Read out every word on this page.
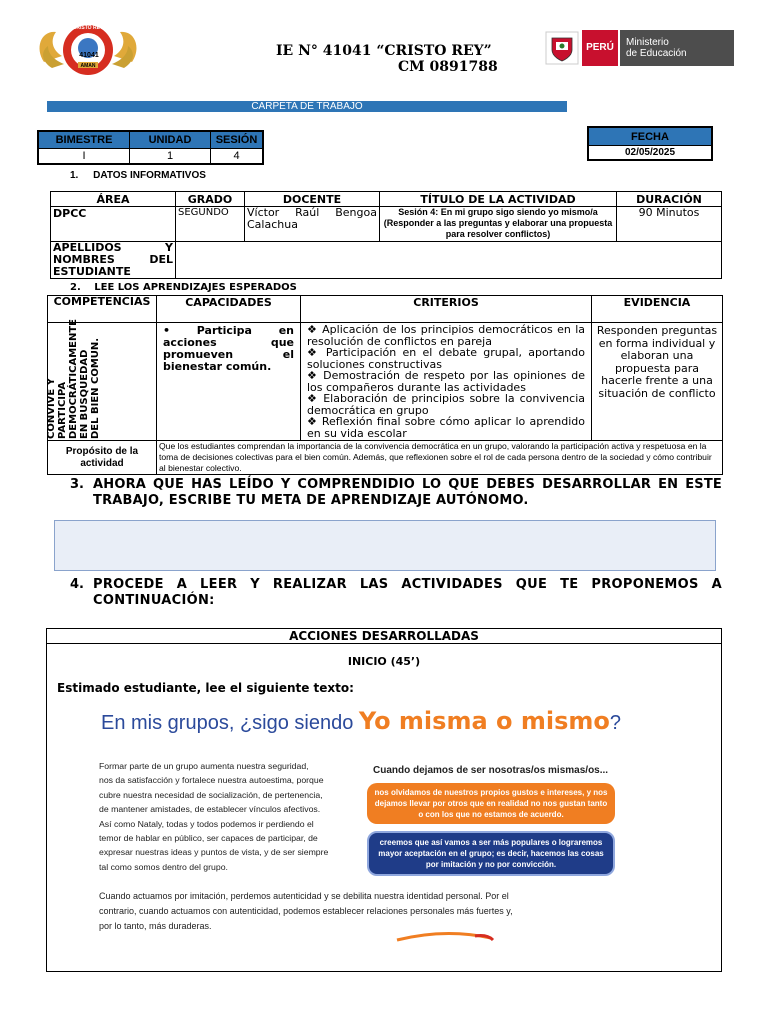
41041
CRISTO REY
AMAN
IE N° 41041 “CRISTO REY”
CM 0891788
PERÚ	Ministerio
de Educación
CARPETA DE TRABAJO
BIMESTRE	UNIDAD	SESIÓN
I	1	4
FECHA
02/05/2025
1. DATOS INFORMATIVOS
ÁREA	GRADO	DOCENTE	TÍTULO DE LA ACTIVIDAD	DURACIÓN
DPCC	SEGUNDO	Víctor Raúl Bengoa Calachua	Sesión 4: En mi grupo sigo siendo yo mismo/a (Responder a las preguntas y elaborar una propuesta para resolver conflictos)	90 Minutos
APELLIDOS Y NOMBRES DEL ESTUDIANTE				
2. LEE LOS APRENDIZAJES ESPERADOS
COMPETENCIAS	CAPACIDADES	CRITERIOS	EVIDENCIA

CONVIVE Y PARTICIPA DEMOCRÁTICAMENTE EN BUSQUEDAD DEL BIEN COMUN.	• Participa en acciones que promueven el bienestar común.	❖ Aplicación de los principios democráticos en la resolución de conflictos en pareja
❖ Participación en el debate grupal, aportando soluciones constructivas
❖ Demostración de respeto por las opiniones de los compañeros durante las actividades
❖ Elaboración de principios sobre la convivencia democrática en grupo
❖ Reflexión final sobre cómo aplicar lo aprendido en su vida escolar	Responden preguntas en forma individual y elaboran una propuesta para hacerle frente a una situación de conflicto

Propósito de la actividad	Que los estudiantes comprendan la importancia de la convivencia democrática en un grupo, valorando la participación activa y respetuosa en la toma de decisiones colectivas para el bien común. Además, que reflexionen sobre el rol de cada persona dentro de la sociedad y cómo contribuir al bienestar colectivo.		
3. AHORA QUE HAS LEÍDO Y COMPRENDIDIO LO QUE DEBES DESARROLLAR EN ESTE TRABAJO, ESCRIBE TU META DE APRENDIZAJE AUTÓNOMO.
4. PROCEDE A LEER Y REALIZAR LAS ACTIVIDADES QUE TE PROPONEMOS A CONTINUACIÓN:
ACCIONES DESARROLLADAS
INICIO (45’)
Estimado estudiante, lee el siguiente texto:
En mis grupos, ¿sigo siendo Yo misma o mismo?
Formar parte de un grupo aumenta nuestra seguridad,
nos da satisfacción y fortalece nuestra autoestima, porque
cubre nuestra necesidad de socialización, de pertenencia,
de mantener amistades, de establecer vínculos afectivos.
Así como Nataly, todas y todos podemos ir perdiendo el
temor de hablar en público, ser capaces de participar, de
expresar nuestras ideas y puntos de vista, y de ser siempre
tal como somos dentro del grupo.
Cuando dejamos de ser nosotras/os mismas/os...
nos olvidamos de nuestros propios gustos e intereses, y nos dejamos llevar por otros que en realidad no nos gustan tanto o con los que no estamos de acuerdo.
creemos que así vamos a ser más populares o lograremos mayor aceptación en el grupo; es decir, hacemos las cosas por imitación y no por convicción.
Cuando actuamos por imitación, perdemos autenticidad y se debilita nuestra identidad personal. Por el
contrario, cuando actuamos con autenticidad, podemos establecer relaciones personales más fuertes y,
por lo tanto, más duraderas.
